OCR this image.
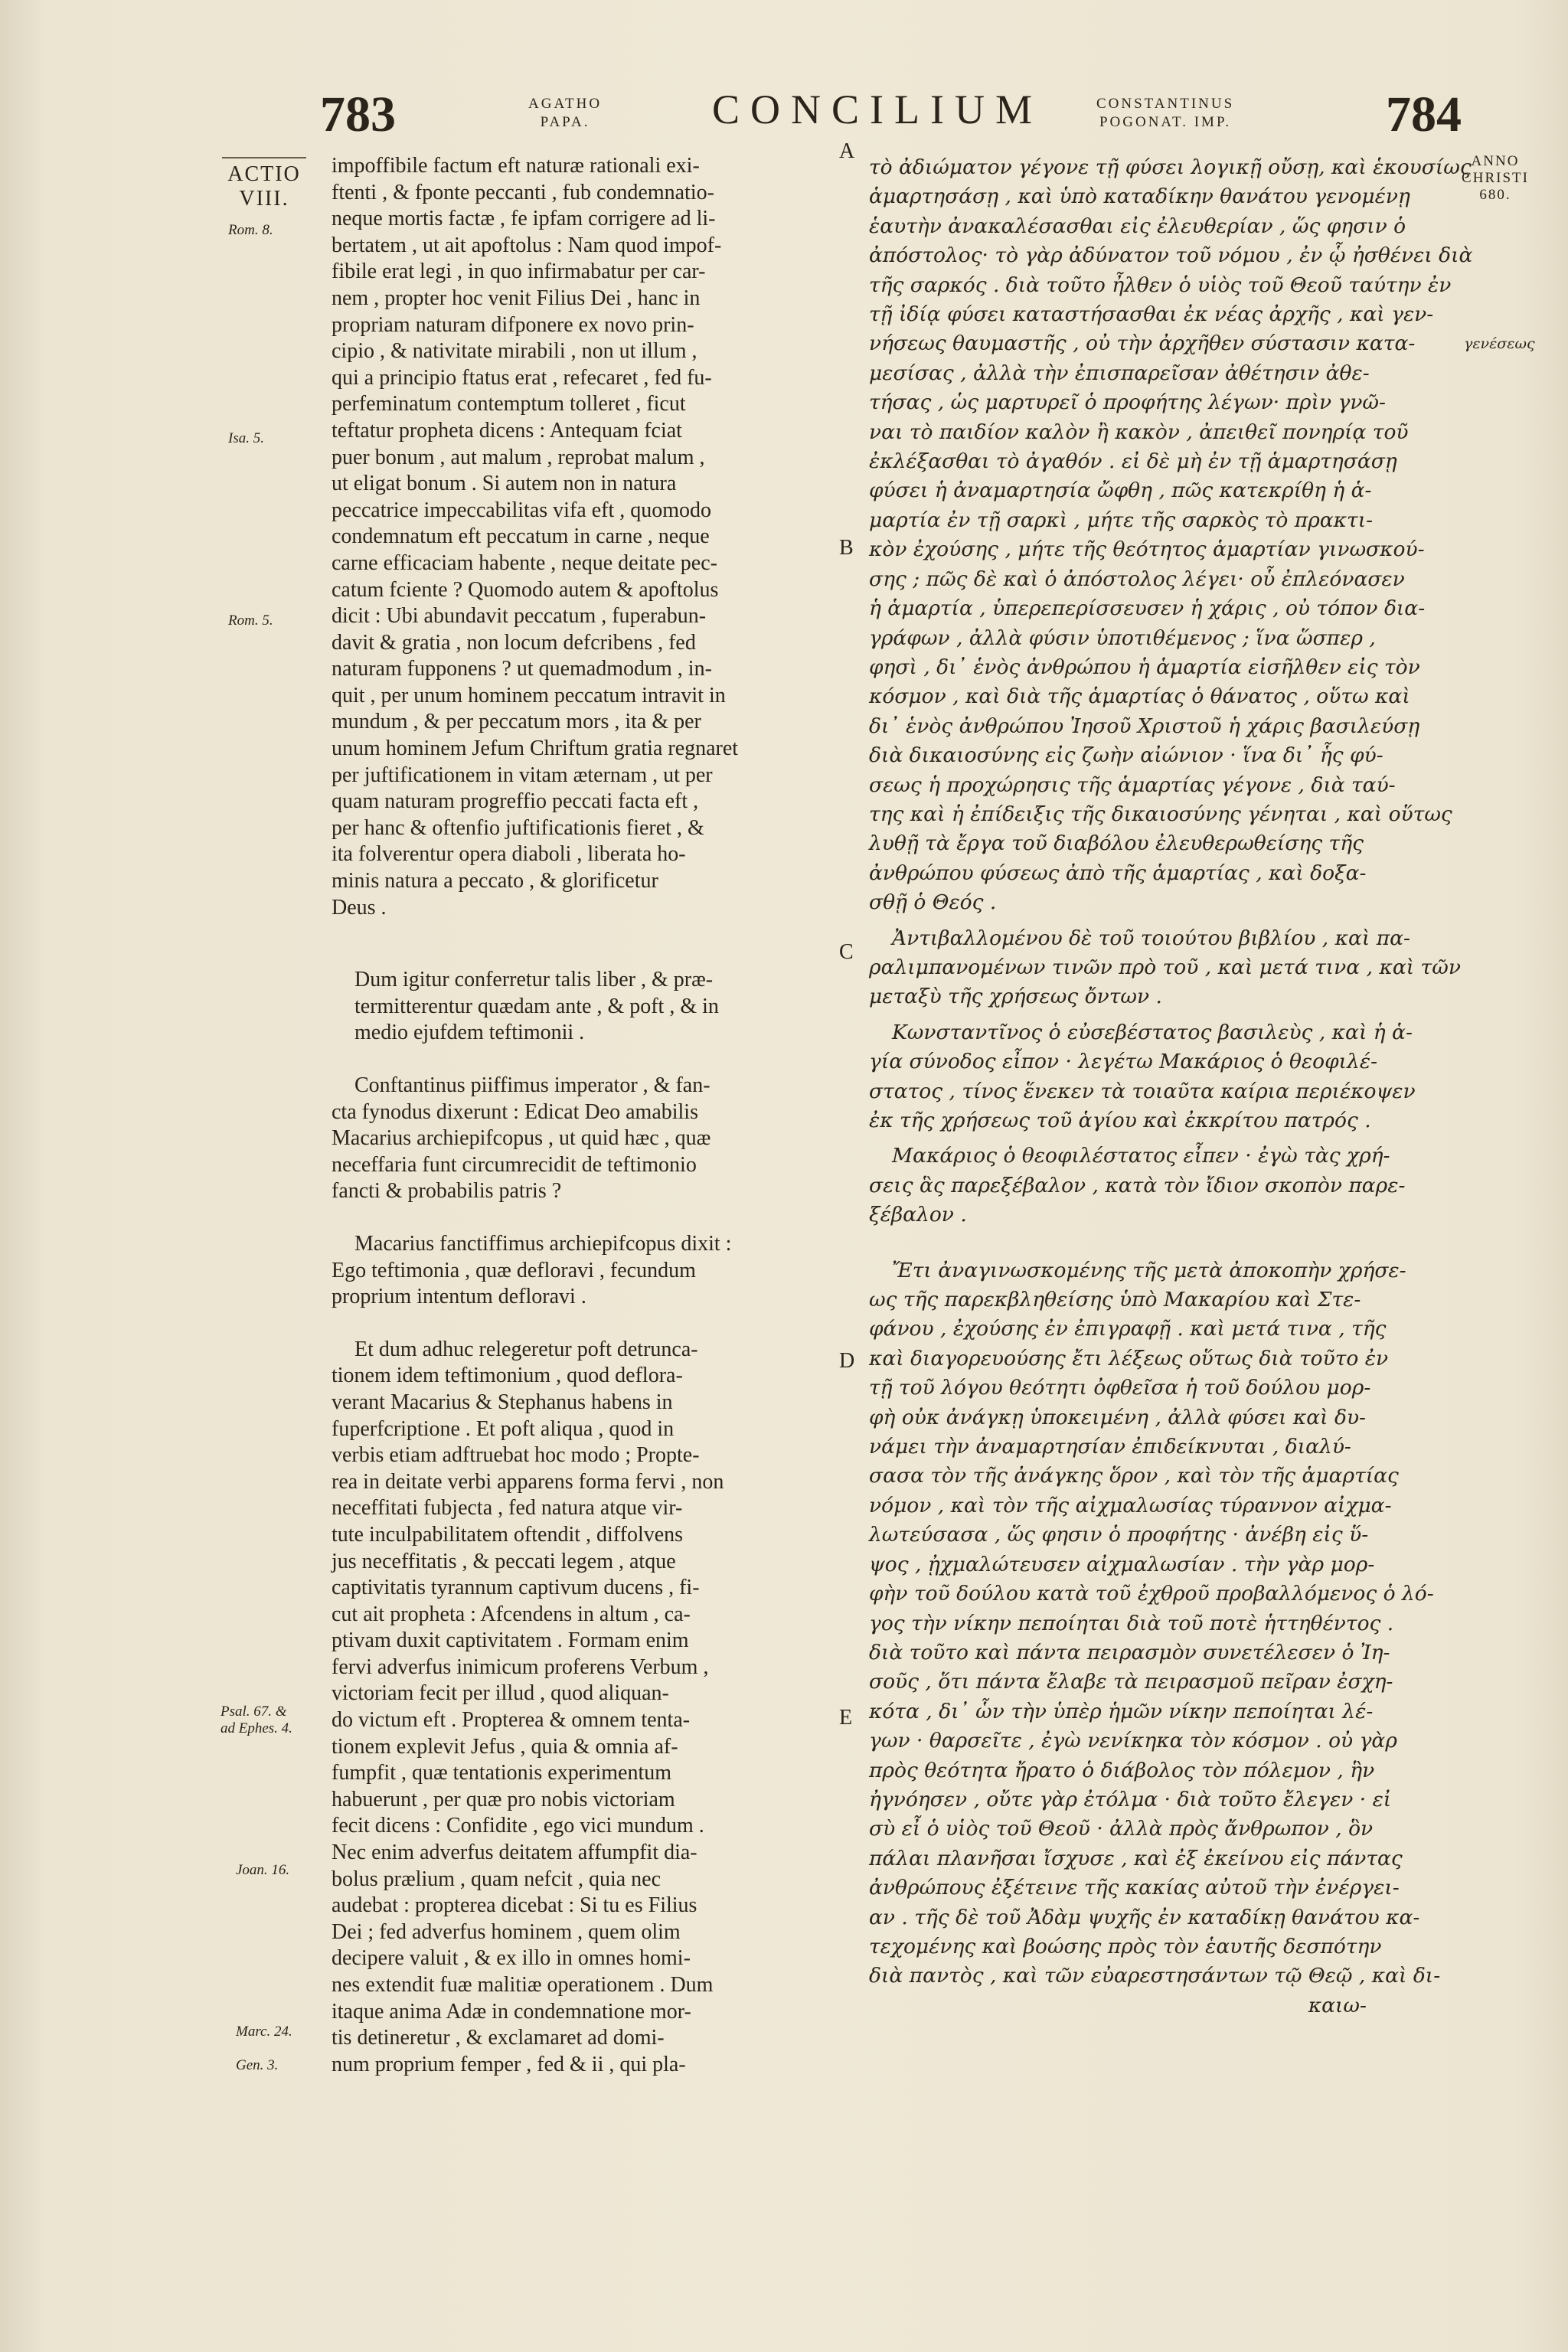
783	AGATHO
PAPA.	CONCILIUM	CONSTANTINUS
POGONAT. IMP.	784
ACTIO
VIII.
Rom. 8.
Isa. 5.
Rom. 5.
Psal. 67. & ad Ephes. 4.
Joan. 16.
Marc. 24.
Gen. 3.
ANNO
CHRISTI
680.
γενέσεως
A
B
C
D
E

impoffibile factum eft naturæ rationali exi-

ftenti , & fponte peccanti , fub condemnatio-

neque mortis factæ , fe ipfam corrigere ad li-

bertatem , ut ait apoftolus : Nam quod impof-

fibile erat legi , in quo infirmabatur per car-

nem , propter hoc venit Filius Dei , hanc in

propriam naturam difponere ex novo prin-

cipio , & nativitate mirabili , non ut illum ,

qui a principio ftatus erat , refecaret , fed fu-

perfeminatum contemptum tolleret , ficut

teftatur propheta dicens : Antequam fciat

puer bonum , aut malum , reprobat malum ,

ut eligat bonum . Si autem non in natura

peccatrice impeccabilitas vifa eft , quomodo

condemnatum eft peccatum in carne , neque

carne efficaciam habente , neque deitate pec-

catum fciente ? Quomodo autem & apoftolus

dicit : Ubi abundavit peccatum , fuperabun-

davit & gratia , non locum defcribens , fed

naturam fupponens ? ut quemadmodum , in-

quit , per unum hominem peccatum intravit in

mundum , & per peccatum mors , ita & per

unum hominem Jefum Chriftum gratia regnaret

per juftificationem in vitam æternam , ut per

quam naturam progreffio peccati facta eft ,

per hanc & oftenfio juftificationis fieret , &

ita folverentur opera diaboli , liberata ho-

minis natura a peccato , & glorificetur

Deus .

Dum igitur conferretur talis liber , & præ-

termitterentur quædam ante , & poft , & in

medio ejufdem teftimonii .

Conftantinus piiffimus imperator , & fan-

cta fynodus dixerunt : Edicat Deo amabilis

Macarius archiepifcopus , ut quid hæc , quæ

neceffaria funt circumrecidit de teftimonio

fancti & probabilis patris ?

Macarius fanctiffimus archiepifcopus dixit :

Ego teftimonia , quæ defloravi , fecundum

proprium intentum defloravi .

Et dum adhuc relegeretur poft detrunca-

tionem idem teftimonium , quod deflora-

verant Macarius & Stephanus habens in

fuperfcriptione . Et poft aliqua , quod in

verbis etiam adftruebat hoc modo ; Propte-

rea in deitate verbi apparens forma fervi , non

neceffitati fubjecta , fed natura atque vir-

tute inculpabilitatem oftendit , diffolvens

jus neceffitatis , & peccati legem , atque

captivitatis tyrannum captivum ducens , fi-

cut ait propheta : Afcendens in altum , ca-

ptivam duxit captivitatem . Formam enim

fervi adverfus inimicum proferens Verbum ,

victoriam fecit per illud , quod aliquan-

do victum eft . Propterea & omnem tenta-

tionem explevit Jefus , quia & omnia af-

fumpfit , quæ tentationis experimentum

habuerunt , per quæ pro nobis victoriam

fecit dicens : Confidite , ego vici mundum .

Nec enim adverfus deitatem affumpfit dia-

bolus prælium , quam nefcit , quia nec

audebat : propterea dicebat : Si tu es Filius

Dei ; fed adverfus hominem , quem olim

decipere valuit , & ex illo in omnes homi-

nes extendit fuæ malitiæ operationem . Dum

itaque anima Adæ in condemnatione mor-

tis detineretur , & exclamaret ad domi-

num proprium femper , fed & ii , qui pla-

τὸ ἀδιώματον γέγονε τῇ φύσει λογικῇ οὔσῃ, καὶ ἑκουσίως

ἁμαρτησάσῃ , καὶ ὑπὸ καταδίκην θανάτου γενομένῃ

ἑαυτὴν ἀνακαλέσασθαι εἰς ἐλευθερίαν , ὥς φησιν ὁ

ἀπόστολος· τὸ γὰρ ἀδύνατον τοῦ νόμου , ἐν ᾧ ἠσθένει διὰ

τῆς σαρκός . διὰ τοῦτο ἦλθεν ὁ υἱὸς τοῦ Θεοῦ ταύτην ἐν

τῇ ἰδίᾳ φύσει καταστήσασθαι ἐκ νέας ἀρχῆς , καὶ γεν-

νήσεως θαυμαστῆς , οὐ τὴν ἀρχῆθεν σύστασιν κατα-

μεσίσας , ἀλλὰ τὴν ἐπισπαρεῖσαν ἀθέτησιν ἀθε-

τήσας , ὡς μαρτυρεῖ ὁ προφήτης λέγων· πρὶν γνῶ-

ναι τὸ παιδίον καλὸν ἢ κακὸν , ἀπειθεῖ πονηρίᾳ τοῦ

ἐκλέξασθαι τὸ ἀγαθόν . εἰ δὲ μὴ ἐν τῇ ἁμαρτησάσῃ

φύσει ἡ ἀναμαρτησία ὤφθη , πῶς κατεκρίθη ἡ ἁ-

μαρτία ἐν τῇ σαρκὶ , μήτε τῆς σαρκὸς τὸ πρακτι-

κὸν ἐχούσης , μήτε τῆς θεότητος ἁμαρτίαν γινωσκού-

σης ; πῶς δὲ καὶ ὁ ἀπόστολος λέγει· οὗ ἐπλεόνασεν

ἡ ἁμαρτία , ὑπερεπερίσσευσεν ἡ χάρις , οὐ τόπον δια-

γράφων , ἀλλὰ φύσιν ὑποτιθέμενος ; ἵνα ὥσπερ ,

φησὶ , δι᾽ ἑνὸς ἀνθρώπου ἡ ἁμαρτία εἰσῆλθεν εἰς τὸν

κόσμον , καὶ διὰ τῆς ἁμαρτίας ὁ θάνατος , οὕτω καὶ

δι᾽ ἑνὸς ἀνθρώπου Ἰησοῦ Χριστοῦ ἡ χάρις βασιλεύσῃ

διὰ δικαιοσύνης εἰς ζωὴν αἰώνιον · ἵνα δι᾽ ἧς φύ-

σεως ἡ προχώρησις τῆς ἁμαρτίας γέγονε , διὰ ταύ-

της καὶ ἡ ἐπίδειξις τῆς δικαιοσύνης γένηται , καὶ οὕτως

λυθῇ τὰ ἔργα τοῦ διαβόλου ἐλευθερωθείσης τῆς

ἀνθρώπου φύσεως ἀπὸ τῆς ἁμαρτίας , καὶ δοξα-

σθῇ ὁ Θεός .

Ἀντιβαλλομένου δὲ τοῦ τοιούτου βιβλίου , καὶ πα-

ραλιμπανομένων τινῶν πρὸ τοῦ , καὶ μετά τινα , καὶ τῶν

μεταξὺ τῆς χρήσεως ὄντων .

Κωνσταντῖνος ὁ εὐσεβέστατος βασιλεὺς , καὶ ἡ ἁ-

γία σύνοδος εἶπον · λεγέτω Μακάριος ὁ θεοφιλέ-

στατος , τίνος ἕνεκεν τὰ τοιαῦτα καίρια περιέκοψεν

ἐκ τῆς χρήσεως τοῦ ἁγίου καὶ ἐκκρίτου πατρός .

Μακάριος ὁ θεοφιλέστατος εἶπεν · ἐγὼ τὰς χρή-

σεις ἃς παρεξέβαλον , κατὰ τὸν ἴδιον σκοπὸν παρε-

ξέβαλον .

Ἔτι ἀναγινωσκομένης τῆς μετὰ ἀποκοπὴν χρήσε-

ως τῆς παρεκβληθείσης ὑπὸ Μακαρίου καὶ Στε-

φάνου , ἐχούσης ἐν ἐπιγραφῇ . καὶ μετά τινα , τῆς

καὶ διαγορευούσης ἔτι λέξεως οὕτως διὰ τοῦτο ἐν

τῇ τοῦ λόγου θεότητι ὀφθεῖσα ἡ τοῦ δούλου μορ-

φὴ οὐκ ἀνάγκῃ ὑποκειμένη , ἀλλὰ φύσει καὶ δυ-

νάμει τὴν ἀναμαρτησίαν ἐπιδείκνυται , διαλύ-

σασα τὸν τῆς ἀνάγκης ὅρον , καὶ τὸν τῆς ἁμαρτίας

νόμον , καὶ τὸν τῆς αἰχμαλωσίας τύραννον αἰχμα-

λωτεύσασα , ὥς φησιν ὁ προφήτης · ἀνέβη εἰς ὕ-

ψος , ᾐχμαλώτευσεν αἰχμαλωσίαν . τὴν γὰρ μορ-

φὴν τοῦ δούλου κατὰ τοῦ ἐχθροῦ προβαλλόμενος ὁ λό-

γος τὴν νίκην πεποίηται διὰ τοῦ ποτὲ ἡττηθέντος .

διὰ τοῦτο καὶ πάντα πειρασμὸν συνετέλεσεν ὁ Ἰη-

σοῦς , ὅτι πάντα ἔλαβε τὰ πειρασμοῦ πεῖραν ἐσχη-

κότα , δι᾽ ὧν τὴν ὑπὲρ ἡμῶν νίκην πεποίηται λέ-

γων · θαρσεῖτε , ἐγὼ νενίκηκα τὸν κόσμον . οὐ γὰρ

πρὸς θεότητα ἤρατο ὁ διάβολος τὸν πόλεμον , ἣν

ἠγνόησεν , οὔτε γὰρ ἐτόλμα · διὰ τοῦτο ἔλεγεν · εἰ

σὺ εἶ ὁ υἱὸς τοῦ Θεοῦ · ἀλλὰ πρὸς ἄνθρωπον , ὃν

πάλαι πλανῆσαι ἴσχυσε , καὶ ἐξ ἐκείνου εἰς πάντας

ἀνθρώπους ἐξέτεινε τῆς κακίας αὐτοῦ τὴν ἐνέργει-

αν . τῆς δὲ τοῦ Ἀδὰμ ψυχῆς ἐν καταδίκῃ θανάτου κα-

τεχομένης καὶ βοώσης πρὸς τὸν ἑαυτῆς δεσπότην

διὰ παντὸς , καὶ τῶν εὐαρεστησάντων τῷ Θεῷ , καὶ δι-

καιω-
